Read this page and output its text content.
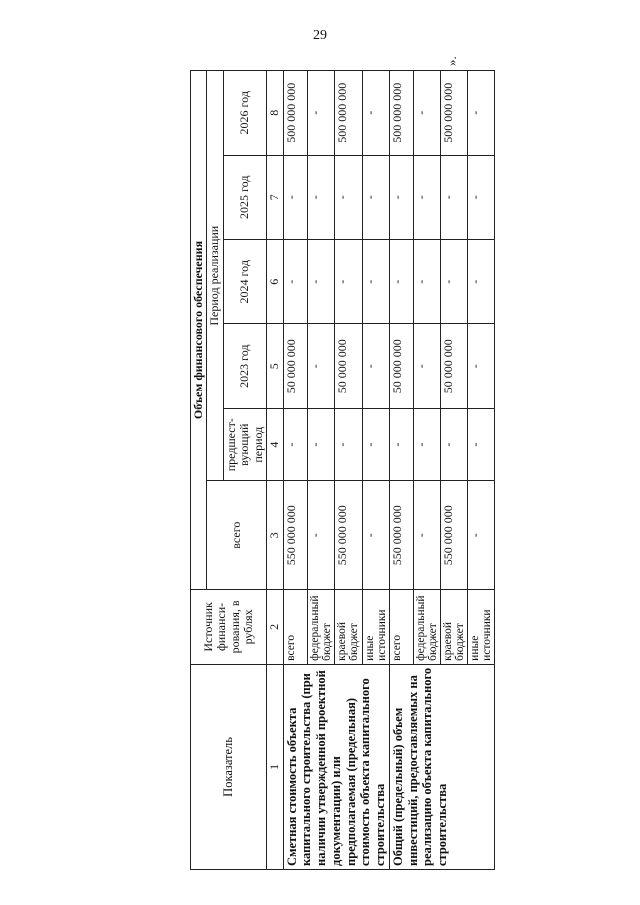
29
».
Показатель	Источник финанси-рования, в рублях	Объем финансового обеспечения					
		всего	Период реализации				
			предшест-вующий период	2023 год	2024 год	2025 год	2026 год
1	2	3	4	5	6	7	8
Сметная стоимость объекта капитального строительства (при наличии утвержденной проектной документации) или предполагаемая (предельная) стоимость объекта капитального строительства	всего	550 000 000	-	50 000 000	-	-	500 000 000
	федеральный бюджет	-	-	-	-	-	-
	краевой бюджет	550 000 000	-	50 000 000	-	-	500 000 000
	иные источники	-	-	-	-	-	-
Общий (предельный) объем инвестиций, предоставляемых на реализацию объекта капитального строительства	всего	550 000 000	-	50 000 000	-	-	500 000 000
	федеральный бюджет	-	-	-	-	-	-
	краевой бюджет	550 000 000	-	50 000 000	-	-	500 000 000
	иные источники	-	-	-	-	-	-
